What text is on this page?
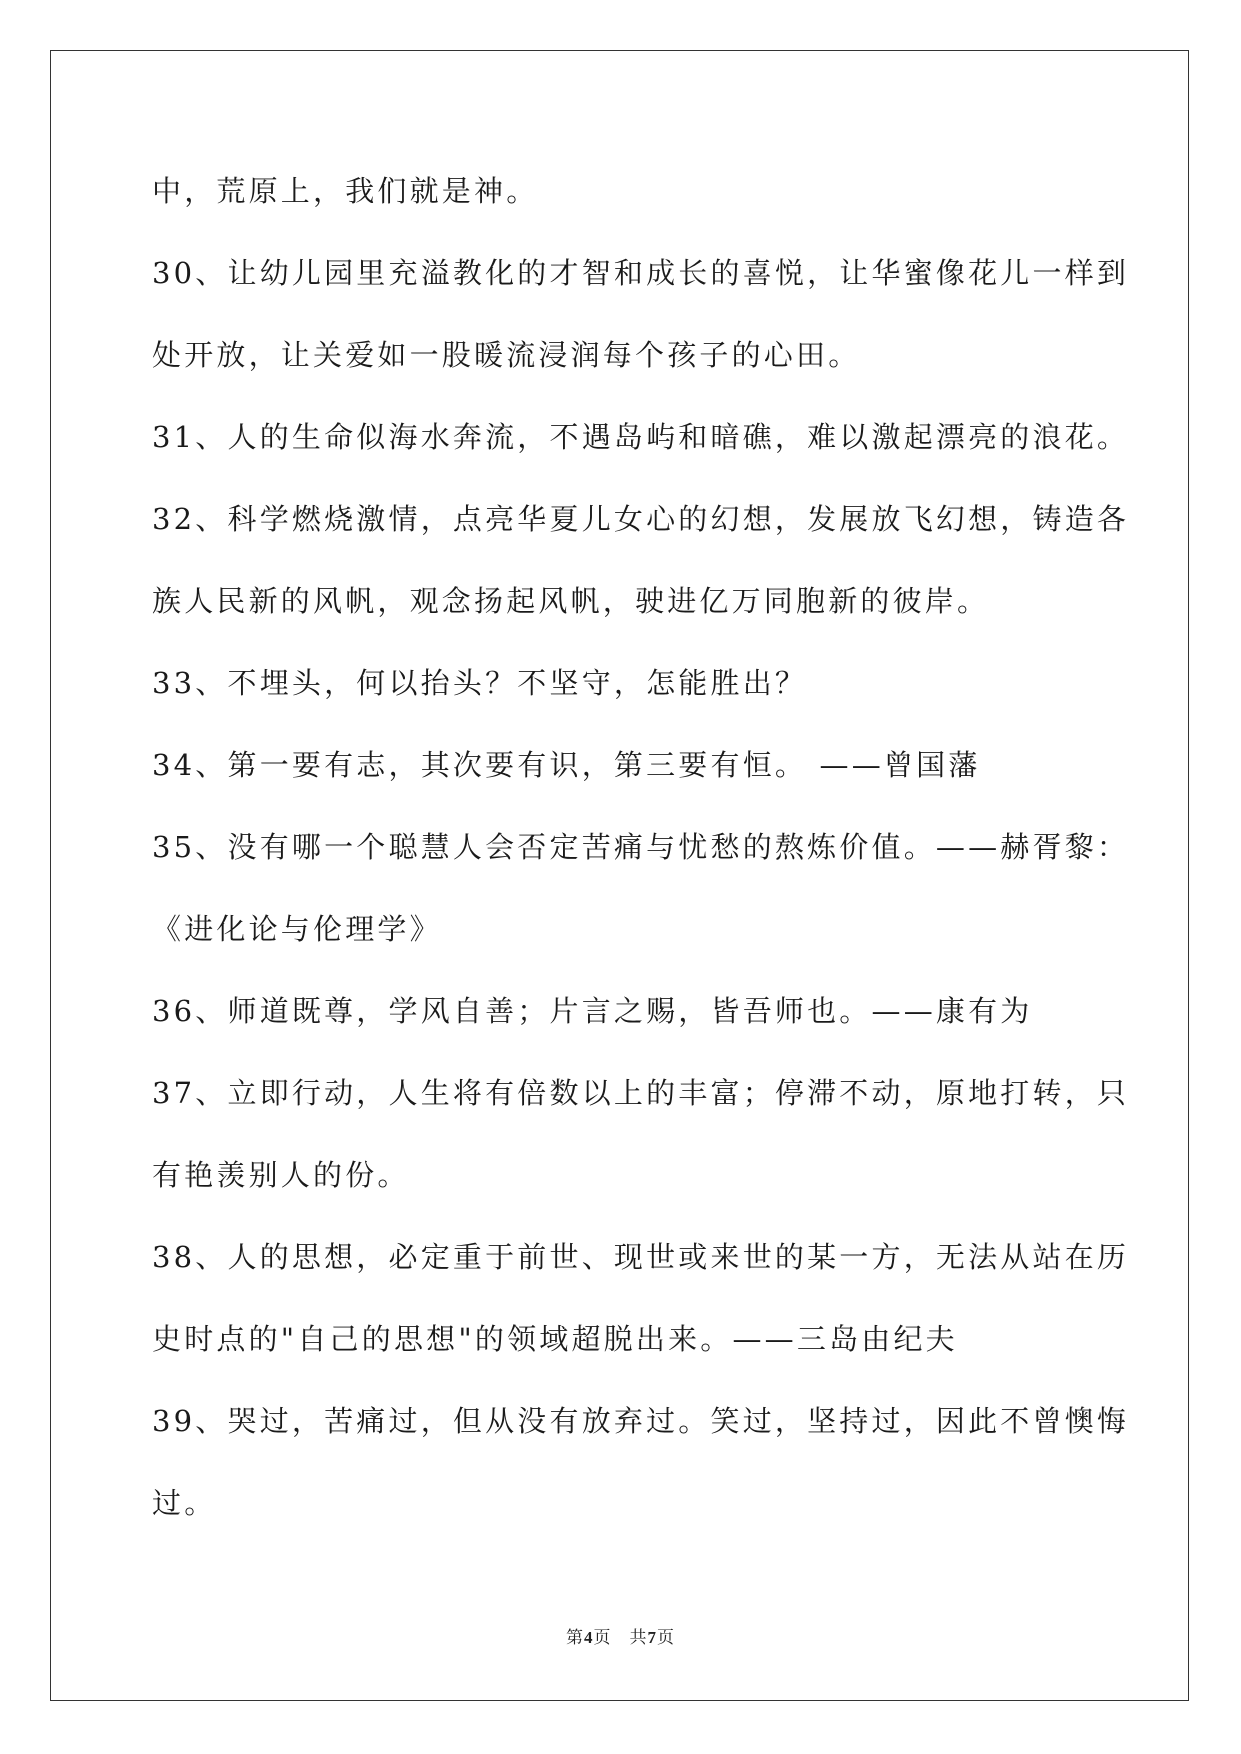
中，荒原上，我们就是神。
30、让幼儿园里充溢教化的才智和成长的喜悦，让华蜜像花儿一样到
处开放，让关爱如一股暖流浸润每个孩子的心田。
31、人的生命似海水奔流，不遇岛屿和暗礁，难以激起漂亮的浪花。
32、科学燃烧激情，点亮华夏儿女心的幻想，发展放飞幻想，铸造各
族人民新的风帆，观念扬起风帆，驶进亿万同胞新的彼岸。
33、不埋头，何以抬头？不坚守，怎能胜出？
34、第一要有志，其次要有识，第三要有恒。 ——曾国藩
35、没有哪一个聪慧人会否定苦痛与忧愁的熬炼价值。——赫胥黎：
《进化论与伦理学》
36、师道既尊，学风自善；片言之赐，皆吾师也。——康有为
37、立即行动，人生将有倍数以上的丰富；停滞不动，原地打转，只
有艳羡别人的份。
38、人的思想，必定重于前世、现世或来世的某一方，无法从站在历
史时点的"自己的思想"的领域超脱出来。——三岛由纪夫
39、哭过，苦痛过，但从没有放弃过。笑过，坚持过，因此不曾懊悔
过。
第4页 共7页
